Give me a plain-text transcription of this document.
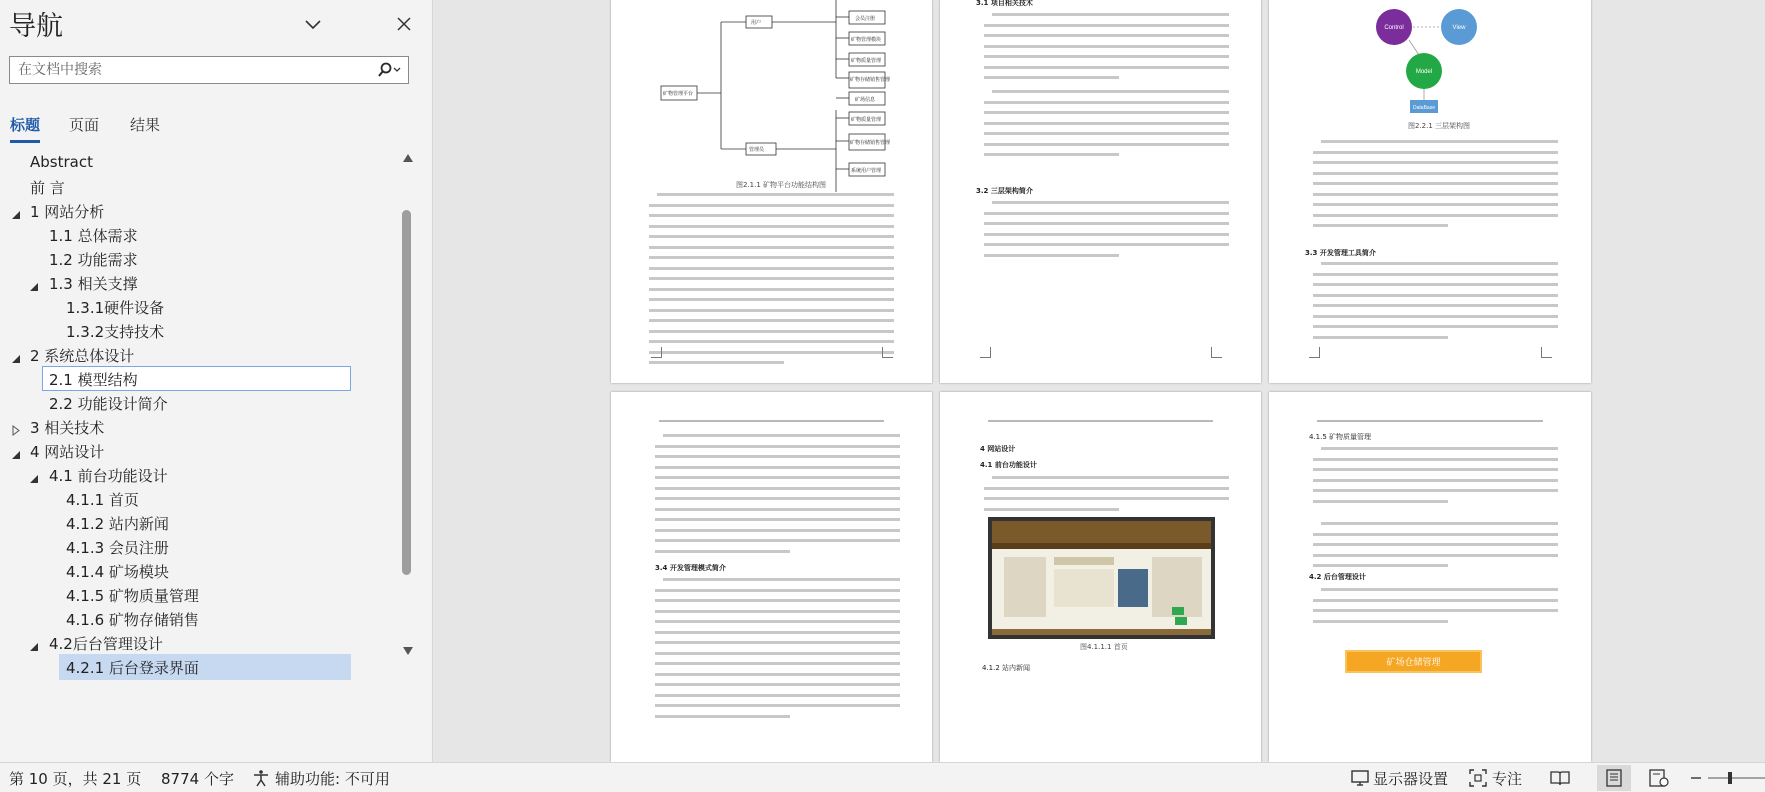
导航
在文档中搜索
标题 页面 结果
Abstract
前 言
1 网站分析
1.1 总体需求
1.2 功能需求
1.3 相关支撑
1.3.1硬件设备
1.3.2支持技术
2 系统总体设计
2.1 模型结构
2.2 功能设计简介
3 相关技术
4 网站设计
4.1 前台功能设计
4.1.1 首页
4.1.2 站内新闻
4.1.3 会员注册
4.1.4 矿场模块
4.1.5 矿物质量管理
4.1.6 矿物存储销售
4.2后台管理设计
4.2.1 后台登录界面
用户
管理员
矿物管理平台
会员注册
矿物管理模块
矿物质量管理
矿物存储销售管理
矿场信息
矿物质量管理
矿物存储销售管理
系统用户管理
图2.1.1 矿物平台功能结构图
3.1 项目相关技术
3.2 三层架构简介
Control	View
Model
DataBase
图2.2.1 三层架构图
3.3 开发管理工具简介
3.4 开发管理模式简介
4 网站设计
4.1 前台功能设计
图4.1.1.1 首页
4.1.2 站内新闻
4.1.5 矿物质量管理
4.2 后台管理设计
矿场仓储管理
第 10 页，共 21 页 8774 个字	辅助功能: 不可用	显示器设置	专注
